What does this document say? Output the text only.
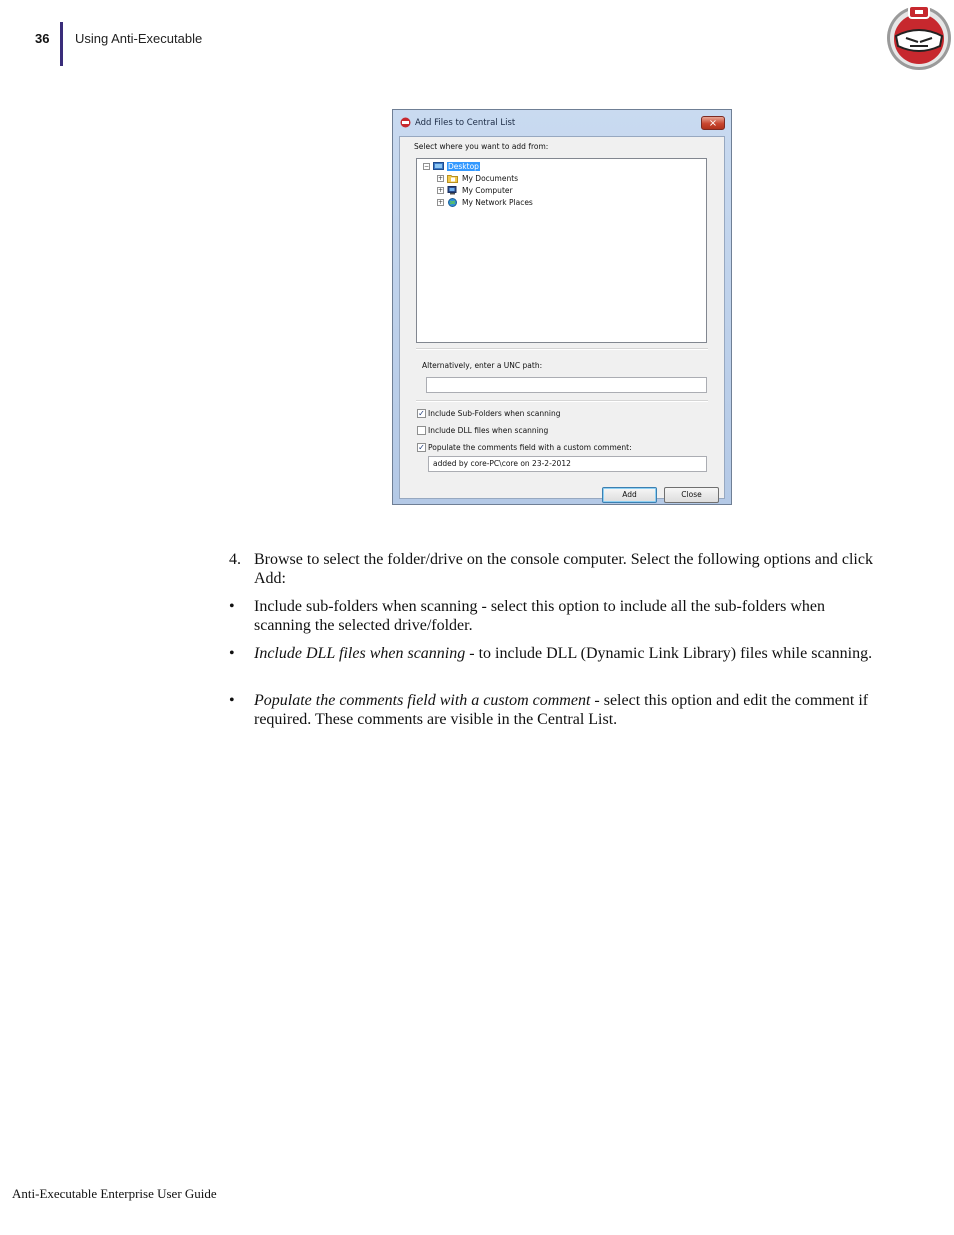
36 Using Anti-Executable
Add Files to Central List	×
Select where you want to add from:
−	Desktop
+	My Documents
+	My Computer
+	My Network Places
Alternatively, enter a UNC path:
✓ Include Sub-Folders when scanning
Include DLL files when scanning
✓ Populate the comments field with a custom comment:
added by core-PC\core on 23-2-2012
Add	Close
4. Browse to select the folder/drive on the console computer. Select the following options and click Add:
• Include sub-folders when scanning - select this option to include all the sub-folders when scanning the selected drive/folder.
• Include DLL files when scanning - to include DLL (Dynamic Link Library) files while scanning.
• Populate the comments field with a custom comment - select this option and edit the comment if required. These comments are visible in the Central List.
Anti-Executable Enterprise User Guide
